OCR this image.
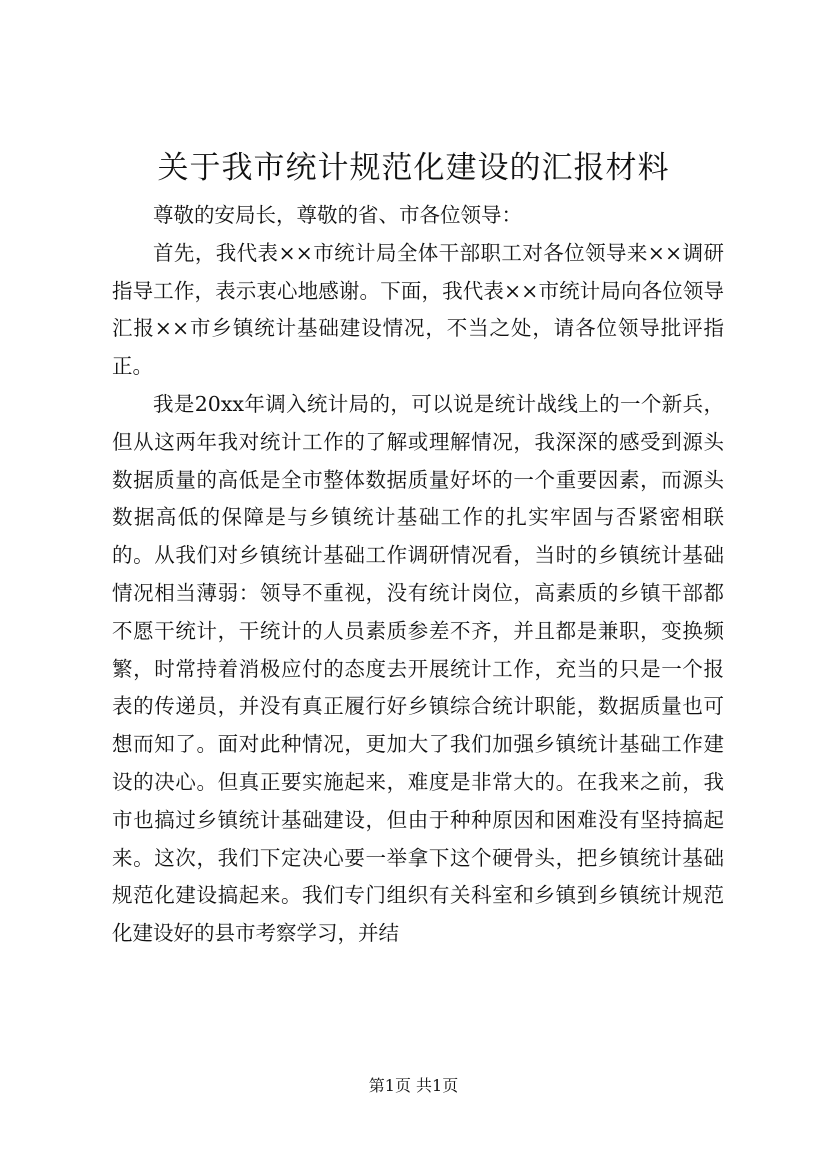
关于我市统计规范化建设的汇报材料

尊敬的安局长，尊敬的省、市各位领导：

首先，我代表××市统计局全体干部职工对各位领导来××调研指导工作，表示衷心地感谢。下面，我代表××市统计局向各位领导汇报××市乡镇统计基础建设情况，不当之处，请各位领导批评指正。

我是20xx年调入统计局的，可以说是统计战线上的一个新兵，但从这两年我对统计工作的了解或理解情况，我深深的感受到源头数据质量的高低是全市整体数据质量好坏的一个重要因素，而源头数据高低的保障是与乡镇统计基础工作的扎实牢固与否紧密相联的。从我们对乡镇统计基础工作调研情况看，当时的乡镇统计基础情况相当薄弱：领导不重视，没有统计岗位，高素质的乡镇干部都不愿干统计，干统计的人员素质参差不齐，并且都是兼职，变换频繁，时常持着消极应付的态度去开展统计工作，充当的只是一个报表的传递员，并没有真正履行好乡镇综合统计职能，数据质量也可想而知了。面对此种情况，更加大了我们加强乡镇统计基础工作建设的决心。但真正要实施起来，难度是非常大的。在我来之前，我市也搞过乡镇统计基础建设，但由于种种原因和困难没有坚持搞起来。这次，我们下定决心要一举拿下这个硬骨头，把乡镇统计基础规范化建设搞起来。我们专门组织有关科室和乡镇到乡镇统计规范化建设好的县市考察学习，并结

第1页 共1页
